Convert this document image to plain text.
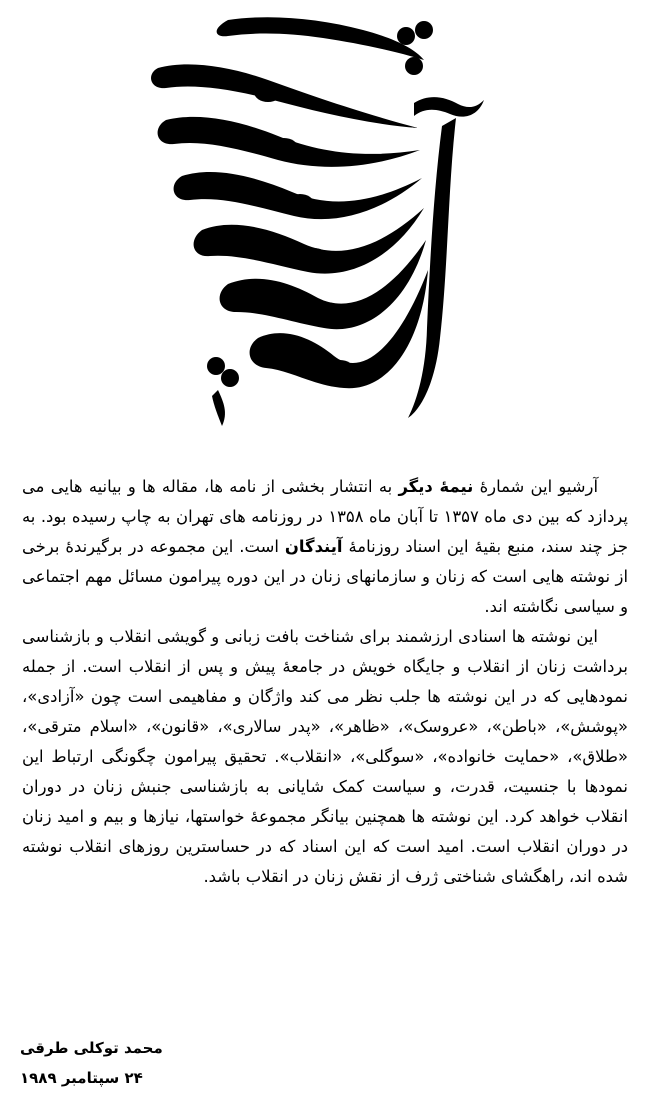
آرشیو این شمارهٔ نیمهٔ دیگر به انتشار بخشی از نامه ها، مقاله ها و بیانیه هایی می پردازد که بین دی ماه ۱۳۵۷ تا آبان ماه ۱۳۵۸ در روزنامه های تهران به چاپ رسیده بود. به جز چند سند، منبع بقیهٔ این اسناد روزنامهٔ آیندگان است. این مجموعه در برگیرندهٔ برخی از نوشته هایی است که زنان و سازمانهای زنان در این دوره پیرامون مسائل مهم اجتماعی و سیاسی نگاشته اند.

این نوشته ها اسنادی ارزشمند برای شناخت بافت زبانی و گویشی انقلاب و بازشناسی برداشت زنان از انقلاب و جایگاه خویش در جامعهٔ پیش و پس از انقلاب است. از جمله نمودهایی که در این نوشته ها جلب نظر می کند واژگان و مفاهیمی است چون «آزادی»، «پوشش»، «باطن»، «عروسک»، «ظاهر»، «پدر سالاری»، «قانون»، «اسلام مترقی»، «طلاق»، «حمایت خانواده»، «سوگلی»، «انقلاب». تحقیق پیرامون چگونگی ارتباط این نمودها با جنسیت، قدرت، و سیاست کمک شایانی به بازشناسی جنبش زنان در دوران انقلاب خواهد کرد. این نوشته ها همچنین بیانگر مجموعهٔ خواستها، نیازها و بیم و امید زنان در دوران انقلاب است. امید است که این اسناد که در حساسترین روزهای انقلاب نوشته شده اند، راهگشای شناختی ژرف از نقش زنان در انقلاب باشد.

محمد توکلی طرقی
۲۴ سپتامبر ۱۹۸۹
